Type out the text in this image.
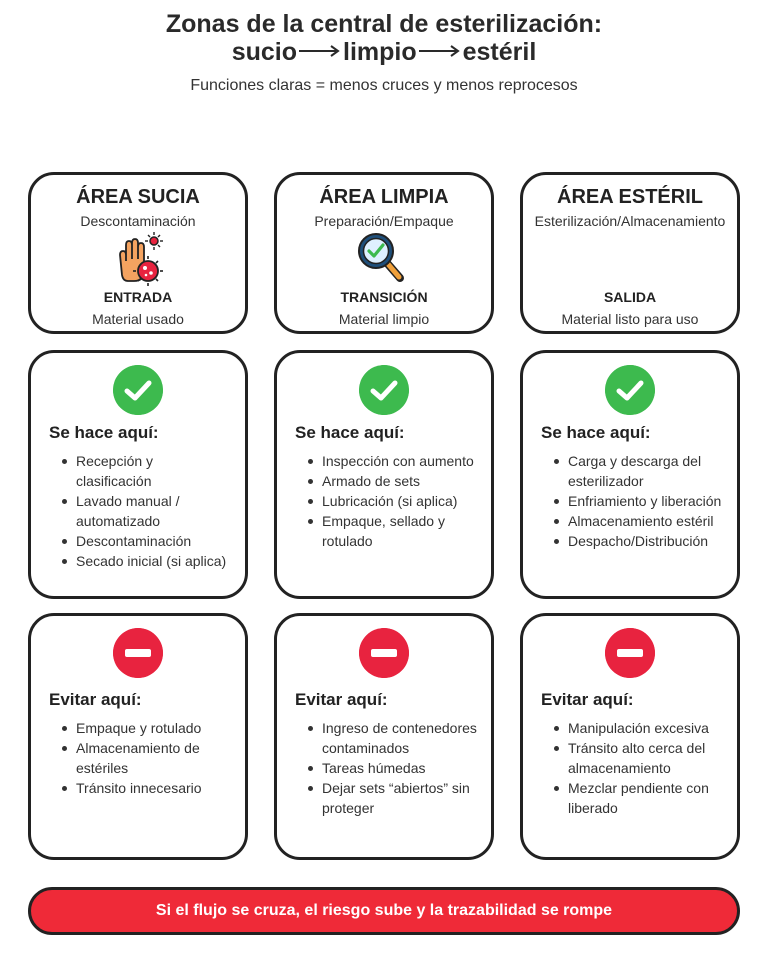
Zonas de la central de esterilización:
sucio limpio estéril
Funciones claras = menos cruces y menos reprocesos
ÁREA SUCIA
Descontaminación
ENTRADA
Material usado
ÁREA LIMPIA
Preparación/Empaque
TRANSICIÓN
Material limpio
ÁREA ESTÉRIL
Esterilización/Almacenamiento
SALIDA
Material listo para uso
Se hace aquí:
Recepción y clasificación
Lavado manual / automatizado
Descontaminación
Secado inicial (si aplica)
Se hace aquí:
Inspección con aumento
Armado de sets
Lubricación (si aplica)
Empaque, sellado y rotulado
Se hace aquí:
Carga y descarga del esterilizador
Enfriamiento y liberación
Almacenamiento estéril
Despacho/Distribución
Evitar aquí:
Empaque y rotulado
Almacenamiento de estériles
Tránsito innecesario
Evitar aquí:
Ingreso de contenedores contaminados
Tareas húmedas
Dejar sets “abiertos” sin proteger
Evitar aquí:
Manipulación excesiva
Tránsito alto cerca del almacenamiento
Mezclar pendiente con liberado
Si el flujo se cruza, el riesgo sube y la trazabilidad se rompe
